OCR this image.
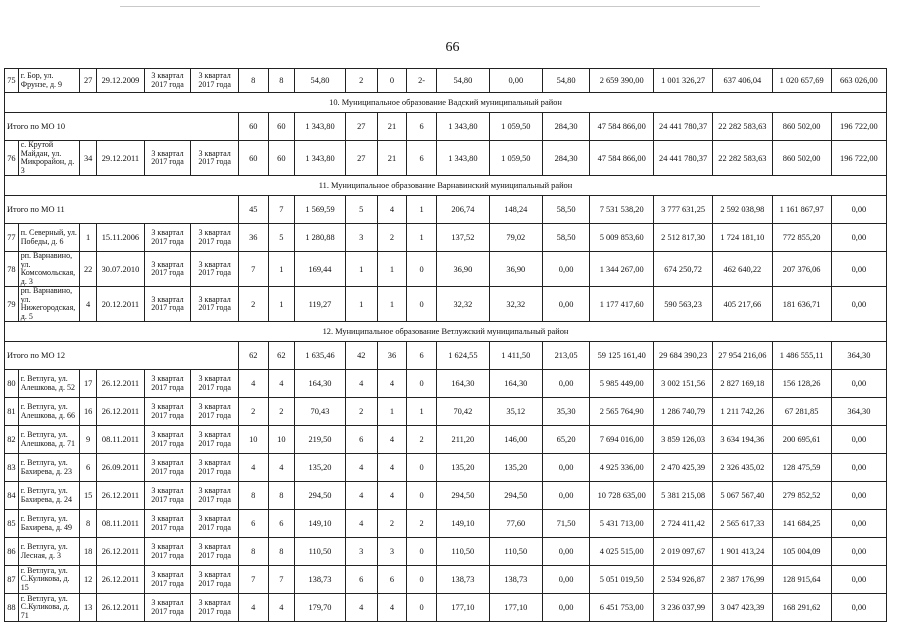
66
75	г. Бор, ул. Фрунзе, д. 9	27	29.12.2009	3 квартал 2017 года	3 квартал 2017 года	8	8	54,80	2	0	2-	54,80	0,00	54,80	2 659 390,00	1 001 326,27	637 406,04	1 020 657,69	663 026,00
10. Муниципальное образование Вадский муниципальный район																			
Итого по МО 10						60	60	1 343,80	27	21	6	1 343,80	1 059,50	284,30	47 584 866,00	24 441 780,37	22 282 583,63	860 502,00	196 722,00
76	с. Крутой Майдан, ул. Микрорайон, д. 3	34	29.12.2011	3 квартал 2017 года	3 квартал 2017 года	60	60	1 343,80	27	21	6	1 343,80	1 059,50	284,30	47 584 866,00	24 441 780,37	22 282 583,63	860 502,00	196 722,00
11. Муниципальное образование Варнавинский муниципальный район																			
Итого по МО 11						45	7	1 569,59	5	4	1	206,74	148,24	58,50	7 531 538,20	3 777 631,25	2 592 038,98	1 161 867,97	0,00
77	п. Северный, ул. Победы, д. 6	1	15.11.2006	3 квартал 2017 года	3 квартал 2017 года	36	5	1 280,88	3	2	1	137,52	79,02	58,50	5 009 853,60	2 512 817,30	1 724 181,10	772 855,20	0,00
78	рп. Варнавино, ул. Комсомольская, д. 3	22	30.07.2010	3 квартал 2017 года	3 квартал 2017 года	7	1	169,44	1	1	0	36,90	36,90	0,00	1 344 267,00	674 250,72	462 640,22	207 376,06	0,00
79	рп. Варнавино, ул. Нижегородская, д. 5	4	20.12.2011	3 квартал 2017 года	3 квартал 2017 года	2	1	119,27	1	1	0	32,32	32,32	0,00	1 177 417,60	590 563,23	405 217,66	181 636,71	0,00
12. Муниципальное образование Ветлужский муниципальный район																			
Итого по МО 12						62	62	1 635,46	42	36	6	1 624,55	1 411,50	213,05	59 125 161,40	29 684 390,23	27 954 216,06	1 486 555,11	364,30
80	г. Ветлуга, ул. Алешкова, д. 52	17	26.12.2011	3 квартал 2017 года	3 квартал 2017 года	4	4	164,30	4	4	0	164,30	164,30	0,00	5 985 449,00	3 002 151,56	2 827 169,18	156 128,26	0,00
81	г. Ветлуга, ул. Алешкова, д. 66	16	26.12.2011	3 квартал 2017 года	3 квартал 2017 года	2	2	70,43	2	1	1	70,42	35,12	35,30	2 565 764,90	1 286 740,79	1 211 742,26	67 281,85	364,30
82	г. Ветлуга, ул. Алешкова, д. 71	9	08.11.2011	3 квартал 2017 года	3 квартал 2017 года	10	10	219,50	6	4	2	211,20	146,00	65,20	7 694 016,00	3 859 126,03	3 634 194,36	200 695,61	0,00
83	г. Ветлуга, ул. Бахирева, д. 23	6	26.09.2011	3 квартал 2017 года	3 квартал 2017 года	4	4	135,20	4	4	0	135,20	135,20	0,00	4 925 336,00	2 470 425,39	2 326 435,02	128 475,59	0,00
84	г. Ветлуга, ул. Бахирева, д. 24	15	26.12.2011	3 квартал 2017 года	3 квартал 2017 года	8	8	294,50	4	4	0	294,50	294,50	0,00	10 728 635,00	5 381 215,08	5 067 567,40	279 852,52	0,00
85	г. Ветлуга, ул. Бахирева, д. 49	8	08.11.2011	3 квартал 2017 года	3 квартал 2017 года	6	6	149,10	4	2	2	149,10	77,60	71,50	5 431 713,00	2 724 411,42	2 565 617,33	141 684,25	0,00
86	г. Ветлуга, ул. Лесная, д. 3	18	26.12.2011	3 квартал 2017 года	3 квартал 2017 года	8	8	110,50	3	3	0	110,50	110,50	0,00	4 025 515,00	2 019 097,67	1 901 413,24	105 004,09	0,00
87	г. Ветлуга, ул. С.Куликова, д. 15	12	26.12.2011	3 квартал 2017 года	3 квартал 2017 года	7	7	138,73	6	6	0	138,73	138,73	0,00	5 051 019,50	2 534 926,87	2 387 176,99	128 915,64	0,00
88	г. Ветлуга, ул. С.Куликова, д. 71	13	26.12.2011	3 квартал 2017 года	3 квартал 2017 года	4	4	179,70	4	4	0	177,10	177,10	0,00	6 451 753,00	3 236 037,99	3 047 423,39	168 291,62	0,00
